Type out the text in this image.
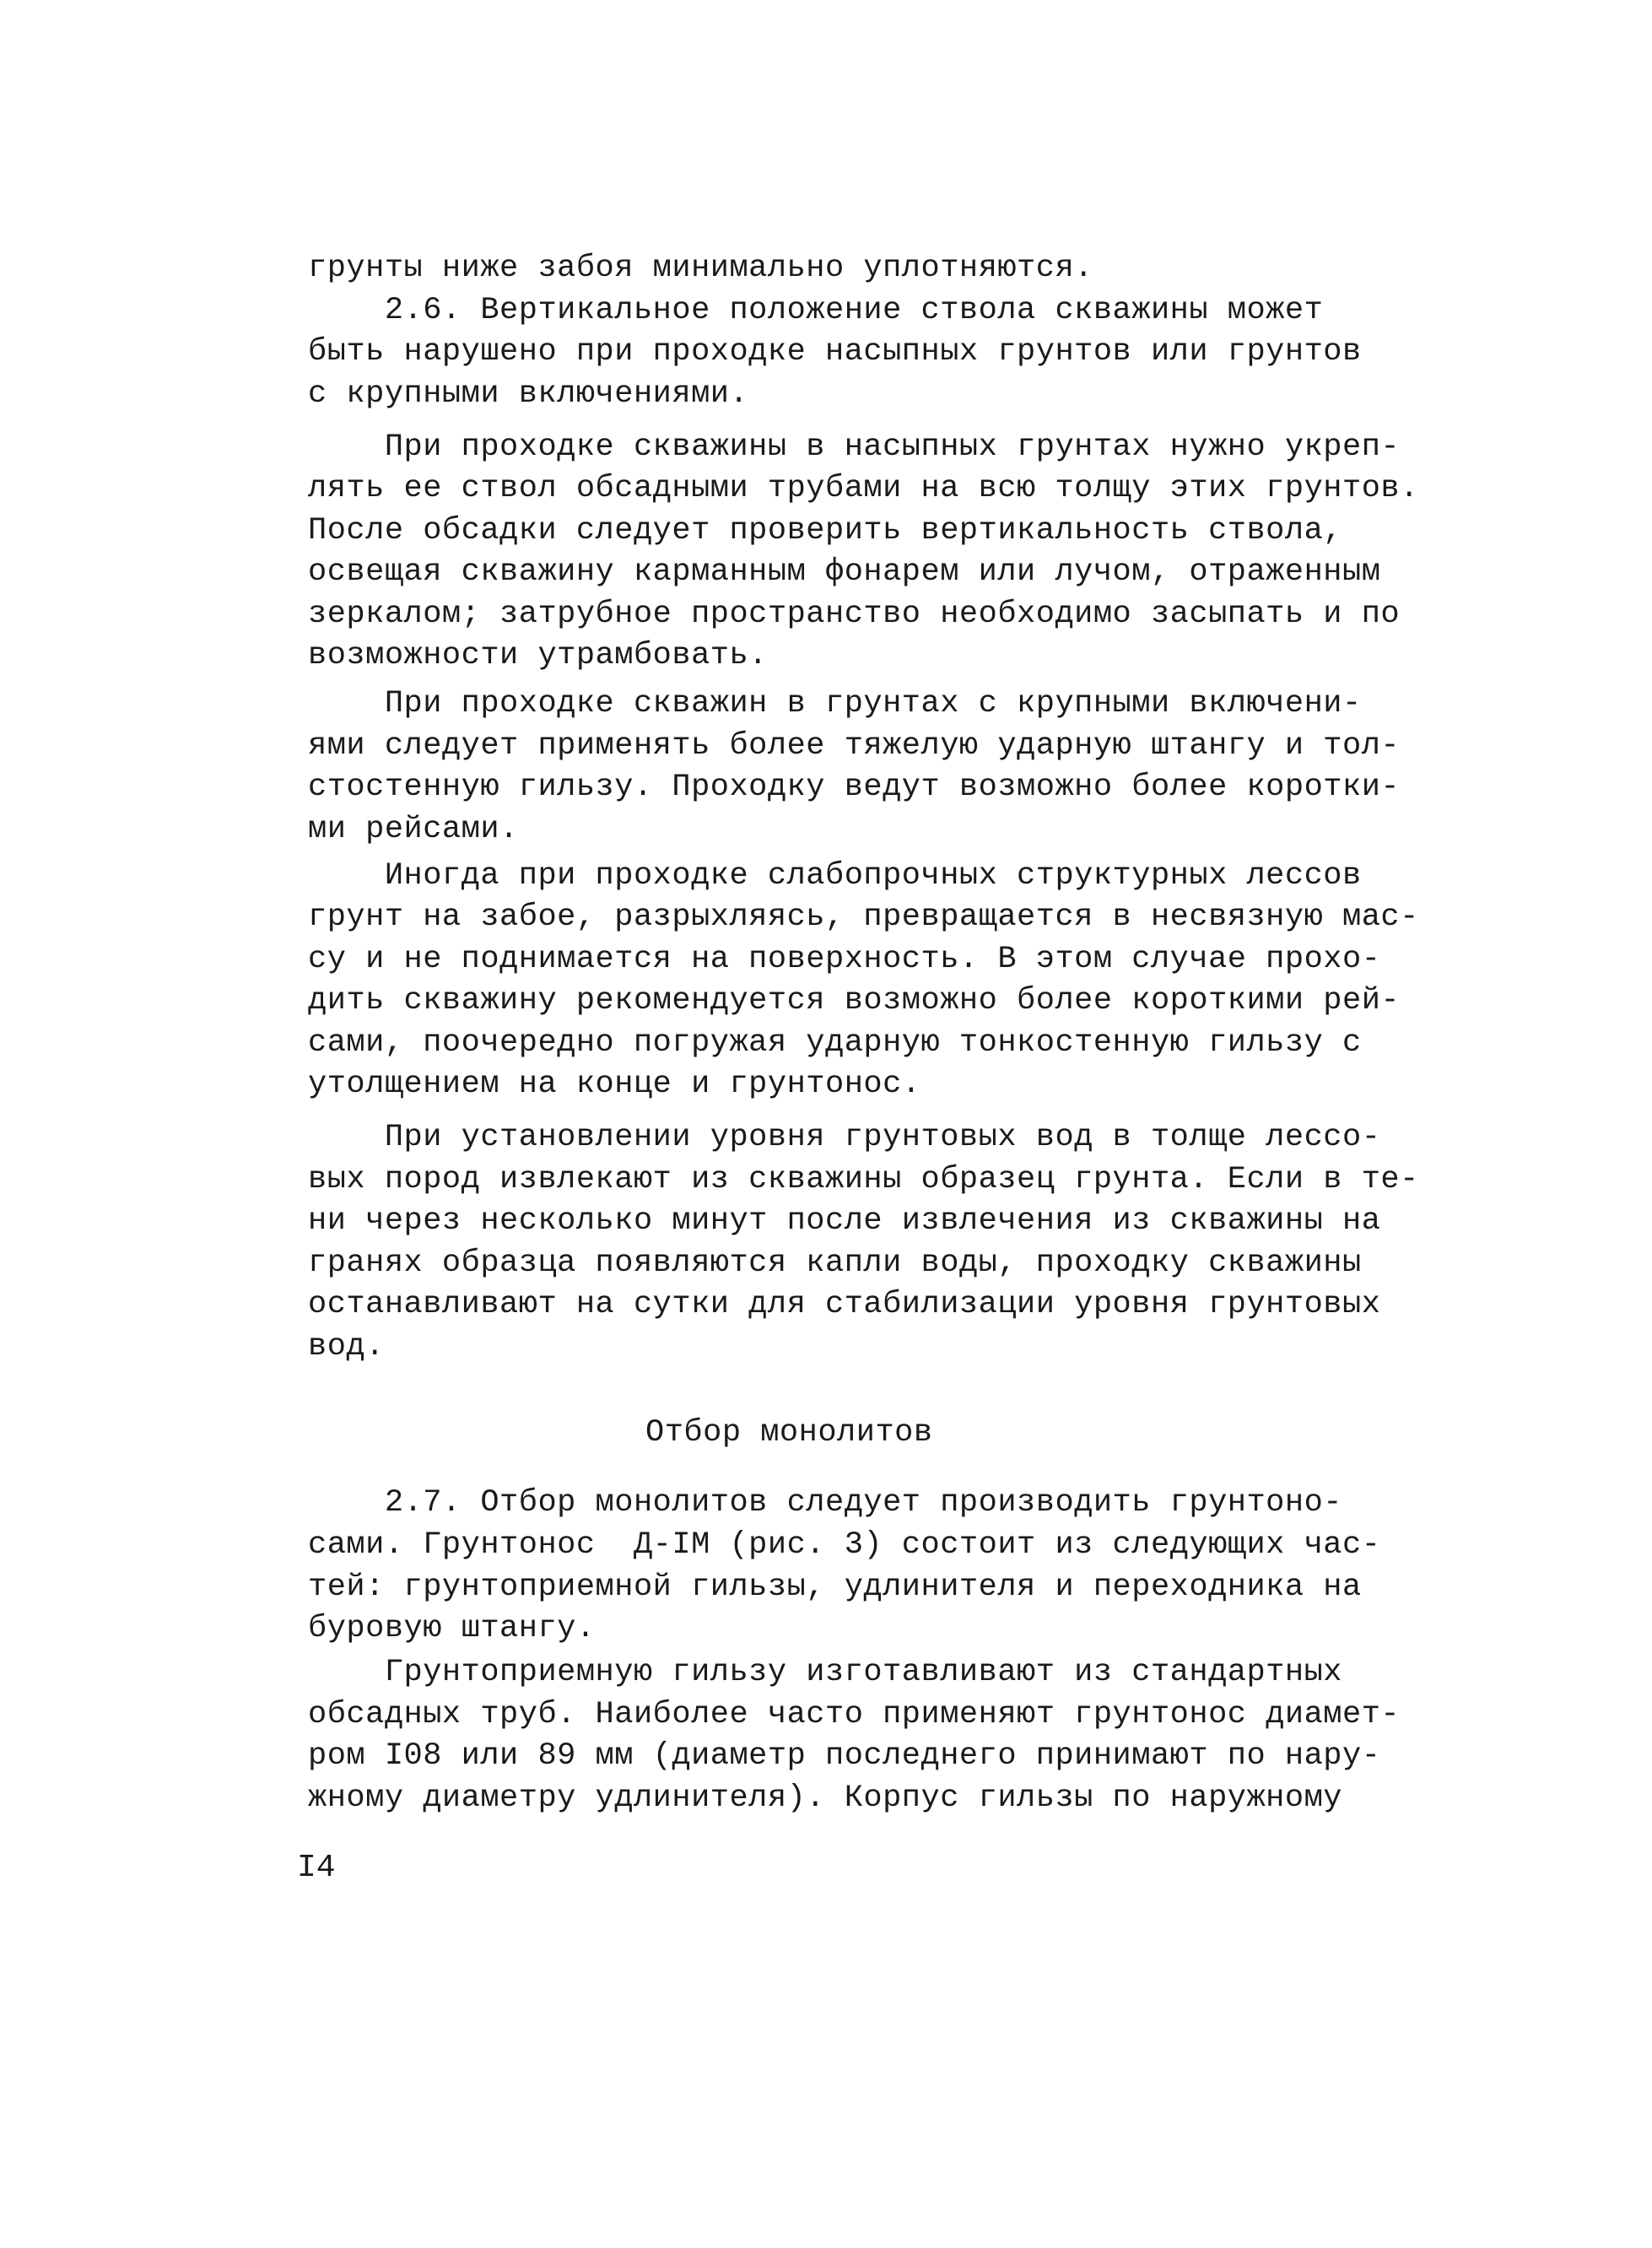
грунты ниже забоя минимально уплотняются.
2.6. Вертикальное положение ствола скважины может
быть нарушено при проходке насыпных грунтов или грунтов
с крупными включениями.
При проходке скважины в насыпных грунтах нужно укреп-
лять ее ствол обсадными трубами на всю толщу этих грунтов.
После обсадки следует проверить вертикальность ствола,
освещая скважину карманным фонарем или лучом, отраженным
зеркалом; затрубное пространство необходимо засыпать и по
возможности утрамбовать.
При проходке скважин в грунтах с крупными включени-
ями следует применять более тяжелую ударную штангу и тол-
стостенную гильзу. Проходку ведут возможно более коротки-
ми рейсами.
Иногда при проходке слабопрочных структурных лессов
грунт на забое, разрыхляясь, превращается в несвязную мас-
су и не поднимается на поверхность. В этом случае прохо-
дить скважину рекомендуется возможно более короткими рей-
сами, поочередно погружая ударную тонкостенную гильзу с
утолщением на конце и грунтонос.
При установлении уровня грунтовых вод в толще лессо-
вых пород извлекают из скважины образец грунта. Если в те-
ни через несколько минут после извлечения из скважины на
гранях образца появляются капли воды, проходку скважины
останавливают на сутки для стабилизации уровня грунтовых
вод.
Отбор монолитов
2.7. Отбор монолитов следует производить грунтоно-
сами. Грунтонос  Д-IМ (рис. 3) состоит из следующих час-
тей: грунтоприемной гильзы, удлинителя и переходника на
буровую штангу.
Грунтоприемную гильзу изготавливают из стандартных
обсадных труб. Наиболее часто применяют грунтонос диамет-
ром I08 или 89 мм (диаметр последнего принимают по нару-
жному диаметру удлинителя). Корпус гильзы по наружному
I4
